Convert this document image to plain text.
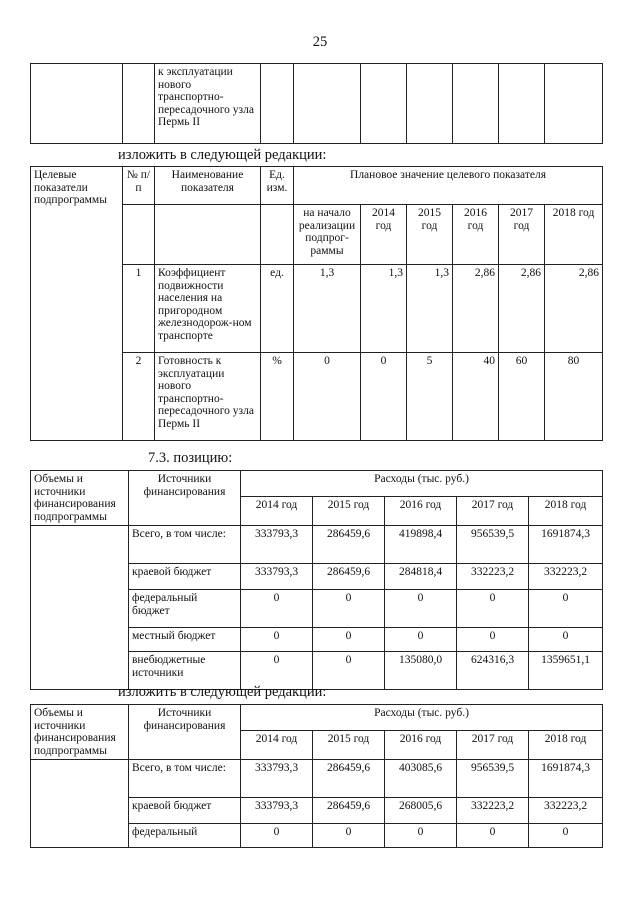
25
		к эксплуатации нового транспортно-пересадочного узла Пермь II							
изложить в следующей редакции:
Целевые показатели подпрограммы	№ п/п	Наименование показателя	Ед. изм.	Плановое значение целевого показателя					
				на начало реализации подпрог-раммы	2014 год	2015 год	2016 год	2017 год	2018 год
	1	Коэффициент подвижности населения на пригородном железнодорож-ном транспорте	ед.	1,3	1,3	1,3	2,86	2,86	2,86
	2	Готовность к эксплуатации нового транспортно-пересадочного узла Пермь II	%	0	0	5	40	60	80
7.3. позицию:
Объемы и источники финансирования подпрограммы	Источники финансирования	Расходы (тыс. руб.)				
		2014 год	2015 год	2016 год	2017 год	2018 год
	Всего, в том числе:	333793,3	286459,6	419898,4	956539,5	1691874,3
	краевой бюджет	333793,3	286459,6	284818,4	332223,2	332223,2
	федеральный бюджет	0	0	0	0	0
	местный бюджет	0	0	0	0	0
	внебюджетные источники	0	0	135080,0	624316,3	1359651,1
изложить в следующей редакции:
Объемы и источники финансирования подпрограммы	Источники финансирования	Расходы (тыс. руб.)				
		2014 год	2015 год	2016 год	2017 год	2018 год
	Всего, в том числе:	333793,3	286459,6	403085,6	956539,5	1691874,3
	краевой бюджет	333793,3	286459,6	268005,6	332223,2	332223,2
	федеральный	0	0	0	0	0
